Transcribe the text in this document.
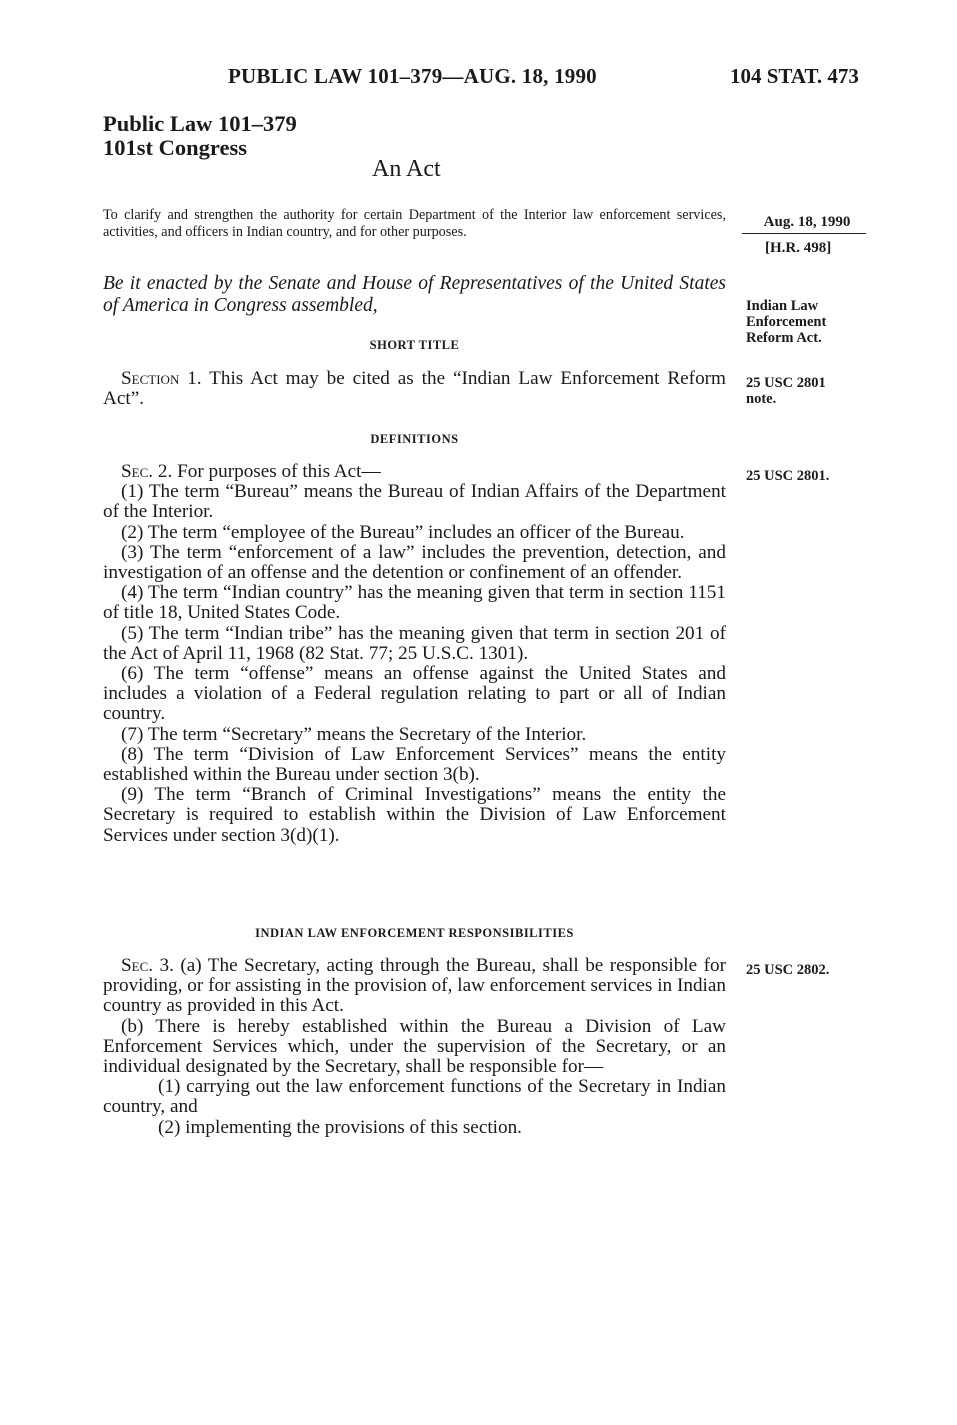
PUBLIC LAW 101–379—AUG. 18, 1990	104 STAT. 473
Public Law 101–379
101st Congress
An Act
To clarify and strengthen the authority for certain Department of the Interior law enforcement services, activities, and officers in Indian country, and for other purposes.
Aug. 18, 1990
[H.R. 498]
Be it enacted by the Senate and House of Representatives of the United States of America in Congress assembled,	Indian Law
Enforcement
Reform Act.
SHORT TITLE

Section 1. This Act may be cited as the “Indian Law Enforcement Reform Act”.

25 USC 2801
note.
DEFINITIONS

Sec. 2. For purposes of this Act—

(1) The term “Bureau” means the Bureau of Indian Affairs of the Department of the Interior.

(2) The term “employee of the Bureau” includes an officer of the Bureau.

(3) The term “enforcement of a law” includes the prevention, detection, and investigation of an offense and the detention or confinement of an offender.

(4) The term “Indian country” has the meaning given that term in section 1151 of title 18, United States Code.

(5) The term “Indian tribe” has the meaning given that term in section 201 of the Act of April 11, 1968 (82 Stat. 77; 25 U.S.C. 1301).

(6) The term “offense” means an offense against the United States and includes a violation of a Federal regulation relating to part or all of Indian country.

(7) The term “Secretary” means the Secretary of the Interior.

(8) The term “Division of Law Enforcement Services” means the entity established within the Bureau under section 3(b).

(9) The term “Branch of Criminal Investigations” means the entity the Secretary is required to establish within the Division of Law Enforcement Services under section 3(d)(1).

25 USC 2801.
INDIAN LAW ENFORCEMENT RESPONSIBILITIES

Sec. 3. (a) The Secretary, acting through the Bureau, shall be responsible for providing, or for assisting in the provision of, law enforcement services in Indian country as provided in this Act.

(b) There is hereby established within the Bureau a Division of Law Enforcement Services which, under the supervision of the Secretary, or an individual designated by the Secretary, shall be responsible for—

(1) carrying out the law enforcement functions of the Secretary in Indian country, and

(2) implementing the provisions of this section.

25 USC 2802.
